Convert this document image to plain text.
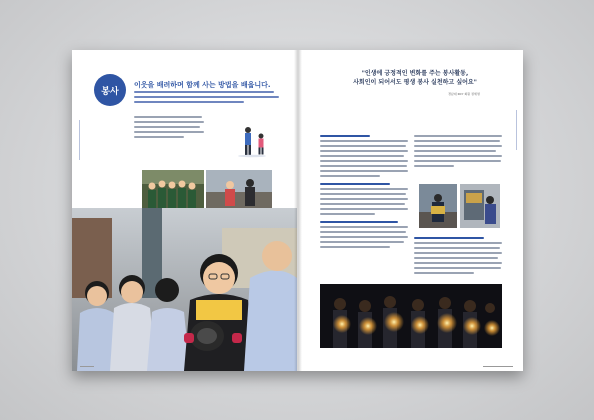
봉사
이웃을 배려하며 함께 사는 방법을 배웁니다.
"인생에 긍정적인 변화를 주는 봉사활동,
사회인이 되어서도 평생 봉사 실천하고 싶어요"
경남대 RCY 회원 권세명
